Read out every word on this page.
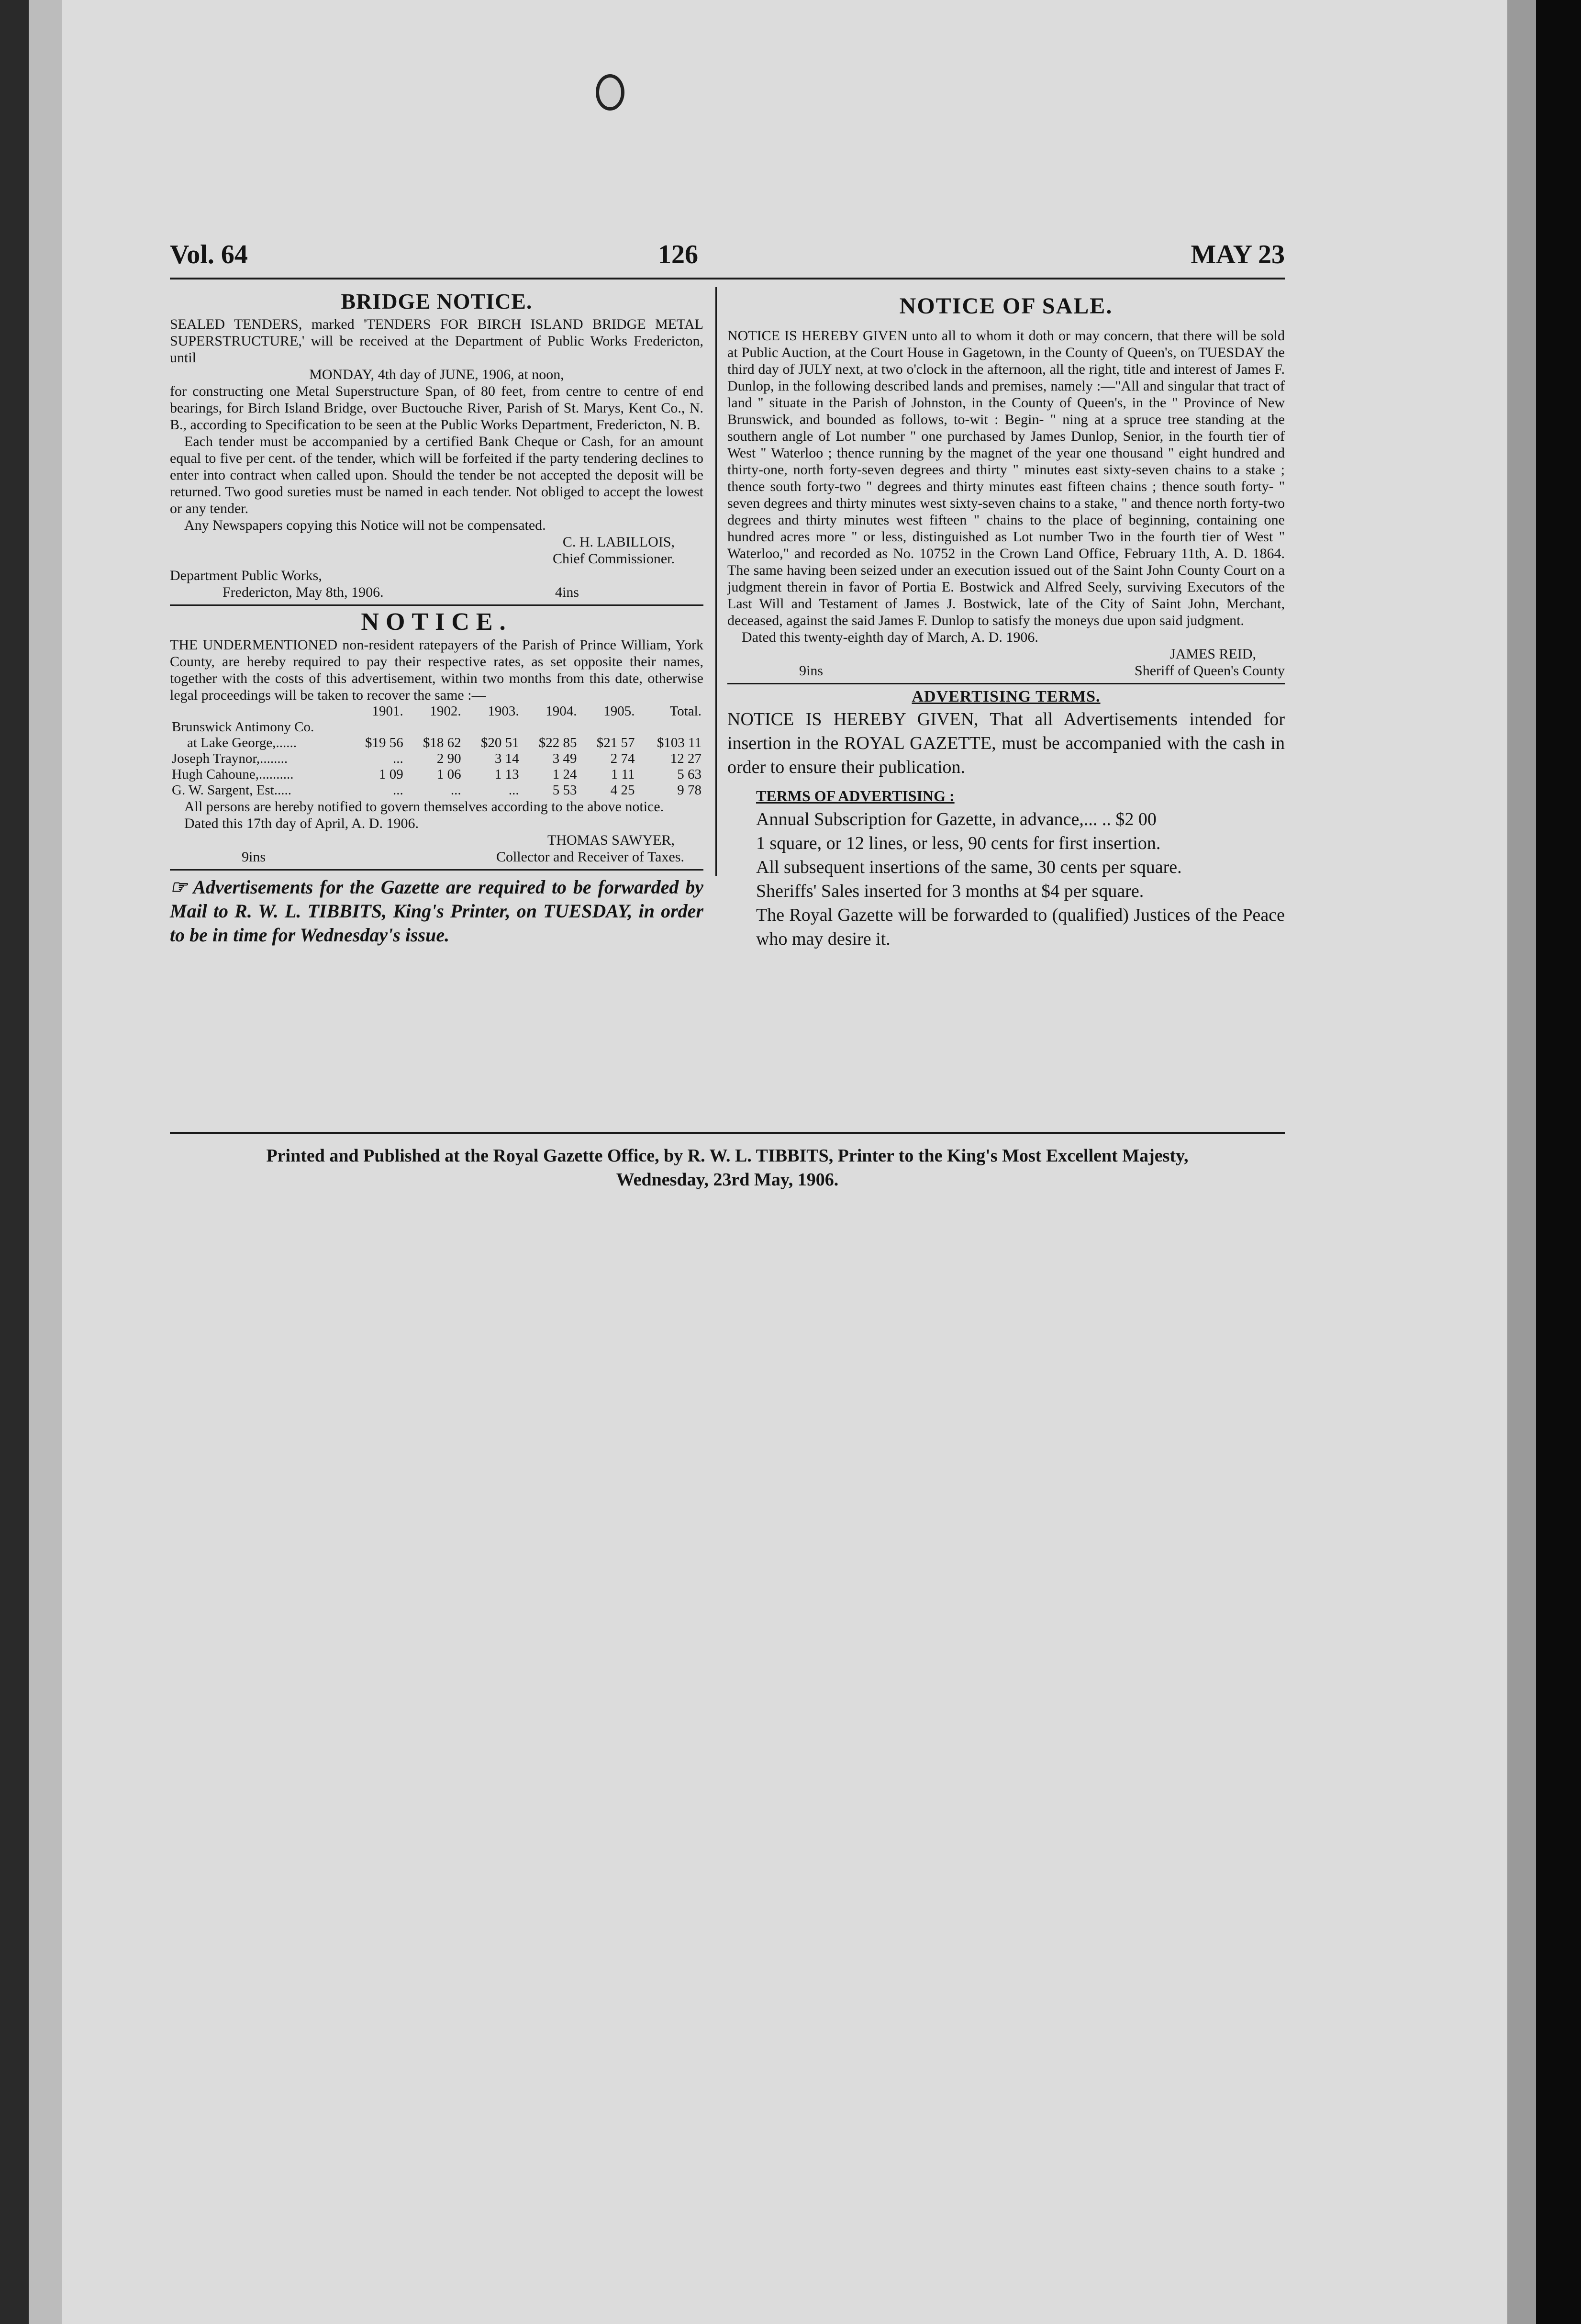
Vol. 64	126	MAY 23
BRIDGE NOTICE.

SEALED TENDERS, marked 'TENDERS FOR BIRCH ISLAND BRIDGE METAL SUPERSTRUCTURE,' will be received at the Department of Public Works Fredericton, until

MONDAY, 4th day of JUNE, 1906, at noon,

for constructing one Metal Superstructure Span, of 80 feet, from centre to centre of end bearings, for Birch Island Bridge, over Buctouche River, Parish of St. Marys, Kent Co., N. B., according to Specification to be seen at the Public Works Department, Fredericton, N. B.

Each tender must be accompanied by a certified Bank Cheque or Cash, for an amount equal to five per cent. of the tender, which will be forfeited if the party tendering declines to enter into contract when called upon. Should the tender be not accepted the deposit will be returned. Two good sureties must be named in each tender. Not obliged to accept the lowest or any tender.

Any Newspapers copying this Notice will not be compensated.

C. H. LABILLOIS,

Chief Commissioner.

Department Public Works,

Fredericton, May 8th, 1906.	4ins
NOTICE.

THE UNDERMENTIONED non-resident ratepayers of the Parish of Prince William, York County, are hereby required to pay their respective rates, as set opposite their names, together with the costs of this advertisement, within two months from this date, otherwise legal proceedings will be taken to recover the same :—

	1901.	1902.	1903.	1904.	1905.	Total.
Brunswick Antimony Co.						
at Lake George,......	$19 56	$18 62	$20 51	$22 85	$21 57	$103 11
Joseph Traynor,........	...	2 90	3 14	3 49	2 74	12 27
Hugh Cahoune,..........	1 09	1 06	1 13	1 24	1 11	5 63
G. W. Sargent, Est.....	...	...	...	5 53	4 25	9 78

All persons are hereby notified to govern themselves according to the above notice.

Dated this 17th day of April, A. D. 1906.

THOMAS SAWYER,

9ins	Collector and Receiver of Taxes.

☞ Advertisements for the Gazette are required to be forwarded by Mail to R. W. L. TIBBITS, King's Printer, on TUESDAY, in order to be in time for Wednesday's issue.

NOTICE OF SALE.

NOTICE IS HEREBY GIVEN unto all to whom it doth or may concern, that there will be sold at Public Auction, at the Court House in Gagetown, in the County of Queen's, on TUESDAY the third day of JULY next, at two o'clock in the afternoon, all the right, title and interest of James F. Dunlop, in the following described lands and premises, namely :—"All and singular that tract of land " situate in the Parish of Johnston, in the County of Queen's, in the " Province of New Brunswick, and bounded as follows, to-wit : Begin- " ning at a spruce tree standing at the southern angle of Lot number " one purchased by James Dunlop, Senior, in the fourth tier of West " Waterloo ; thence running by the magnet of the year one thousand " eight hundred and thirty-one, north forty-seven degrees and thirty " minutes east sixty-seven chains to a stake ; thence south forty-two " degrees and thirty minutes east fifteen chains ; thence south forty- " seven degrees and thirty minutes west sixty-seven chains to a stake, " and thence north forty-two degrees and thirty minutes west fifteen " chains to the place of beginning, containing one hundred acres more " or less, distinguished as Lot number Two in the fourth tier of West " Waterloo," and recorded as No. 10752 in the Crown Land Office, February 11th, A. D. 1864. The same having been seized under an execution issued out of the Saint John County Court on a judgment therein in favor of Portia E. Bostwick and Alfred Seely, surviving Executors of the Last Will and Testament of James J. Bostwick, late of the City of Saint John, Merchant, deceased, against the said James F. Dunlop to satisfy the moneys due upon said judgment.

Dated this twenty-eighth day of March, A. D. 1906.

JAMES REID,

9ins	Sheriff of Queen's County
ADVERTISING TERMS.

NOTICE IS HEREBY GIVEN, That all Advertisements intended for insertion in the ROYAL GAZETTE, must be accompanied with the cash in order to ensure their publication.

TERMS OF ADVERTISING :

Annual Subscription for Gazette, in advance,... .. $2 00

1 square, or 12 lines, or less, 90 cents for first insertion.

All subsequent insertions of the same, 30 cents per square.

Sheriffs' Sales inserted for 3 months at $4 per square.

The Royal Gazette will be forwarded to (qualified) Justices of the Peace who may desire it.

Printed and Published at the Royal Gazette Office, by R. W. L. TIBBITS, Printer to the King's Most Excellent Majesty,
Wednesday, 23rd May, 1906.
